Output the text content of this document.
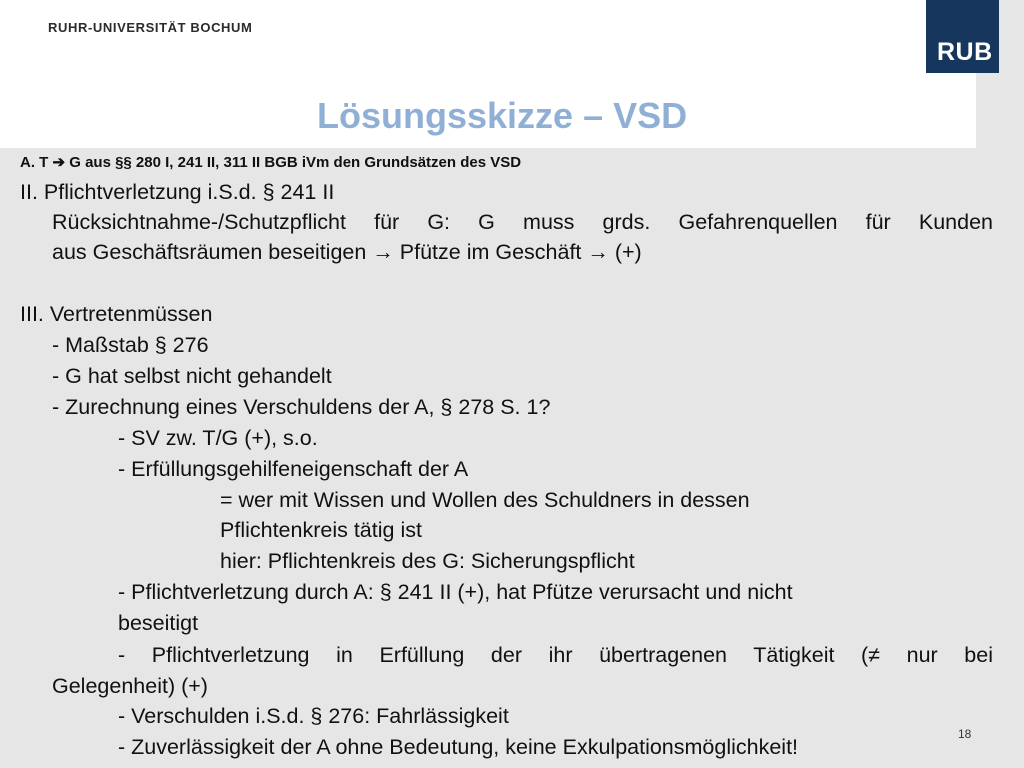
RUHR-UNIVERSITÄT BOCHUM
RUB
Lösungsskizze – VSD
A. T ➔ G aus §§ 280 I, 241 II, 311 II BGB iVm den Grundsätzen des VSD
II. Pflichtverletzung i.S.d. § 241 II
Rücksichtnahme-/Schutzpflicht für G: G muss grds. Gefahrenquellen für Kunden
aus Geschäftsräumen beseitigen → Pfütze im Geschäft → (+)
III. Vertretenmüssen
- Maßstab § 276
- G hat selbst nicht gehandelt
- Zurechnung eines Verschuldens der A, § 278 S. 1?
- SV zw. T/G (+), s.o.
- Erfüllungsgehilfeneigenschaft der A
= wer mit Wissen und Wollen des Schuldners in dessen
Pflichtenkreis tätig ist
hier: Pflichtenkreis des G: Sicherungspflicht
- Pflichtverletzung durch A: § 241 II (+), hat Pfütze verursacht und nicht
beseitigt
- Pflichtverletzung in Erfüllung der ihr übertragenen Tätigkeit (≠ nur bei
Gelegenheit) (+)
- Verschulden i.S.d. § 276: Fahrlässigkeit
- Zuverlässigkeit der A ohne Bedeutung, keine Exkulpationsmöglichkeit!
18
